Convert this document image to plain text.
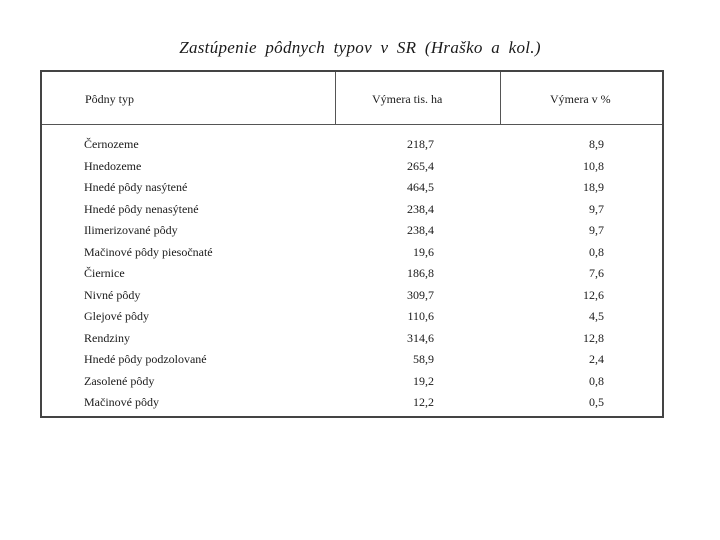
Zastúpenie pôdnych typov v SR (Hraško a kol.)
Pôdny typ	Výmera tis. ha	Výmera v %
Černozeme	218,7	8,9
Hnedozeme	265,4	10,8
Hnedé pôdy nasýtené	464,5	18,9
Hnedé pôdy nenasýtené	238,4	9,7
Ilimerizované pôdy	238,4	9,7
Mačinové pôdy piesočnaté	19,6	0,8
Čiernice	186,8	7,6
Nivné pôdy	309,7	12,6
Glejové pôdy	110,6	4,5
Rendziny	314,6	12,8
Hnedé pôdy podzolované	58,9	2,4
Zasolené pôdy	19,2	0,8
Mačinové pôdy	12,2	0,5
